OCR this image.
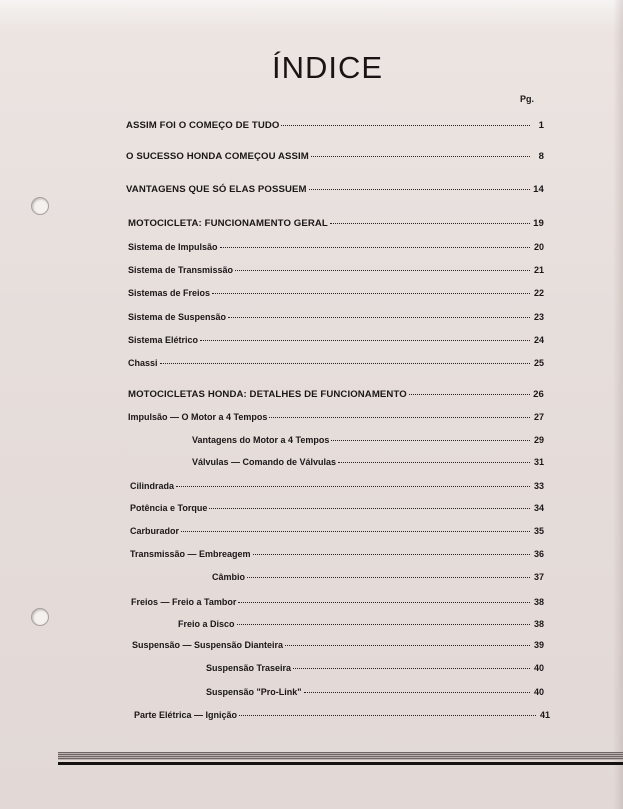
ÍNDICE
Pg.
ASSIM FOI O COMEÇO DE TUDO	1
O SUCESSO HONDA COMEÇOU ASSIM	8
VANTAGENS QUE SÓ ELAS POSSUEM	14
MOTOCICLETA: FUNCIONAMENTO GERAL	19
Sistema de Impulsão	20
Sistema de Transmissão	21
Sistemas de Freios	22
Sistema de Suspensão	23
Sistema Elétrico	24
Chassi	25
MOTOCICLETAS HONDA: DETALHES DE FUNCIONAMENTO	26
Impulsão — O Motor a 4 Tempos	27
Vantagens do Motor a 4 Tempos	29
Válvulas — Comando de Válvulas	31
Cilindrada	33
Potência e Torque	34
Carburador	35
Transmissão — Embreagem	36
Câmbio	37
Freios — Freio a Tambor	38
Freio a Disco	38
Suspensão — Suspensão Dianteira	39
Suspensão Traseira	40
Suspensão "Pro-Link"	40
Parte Elétrica — Ignição	41
